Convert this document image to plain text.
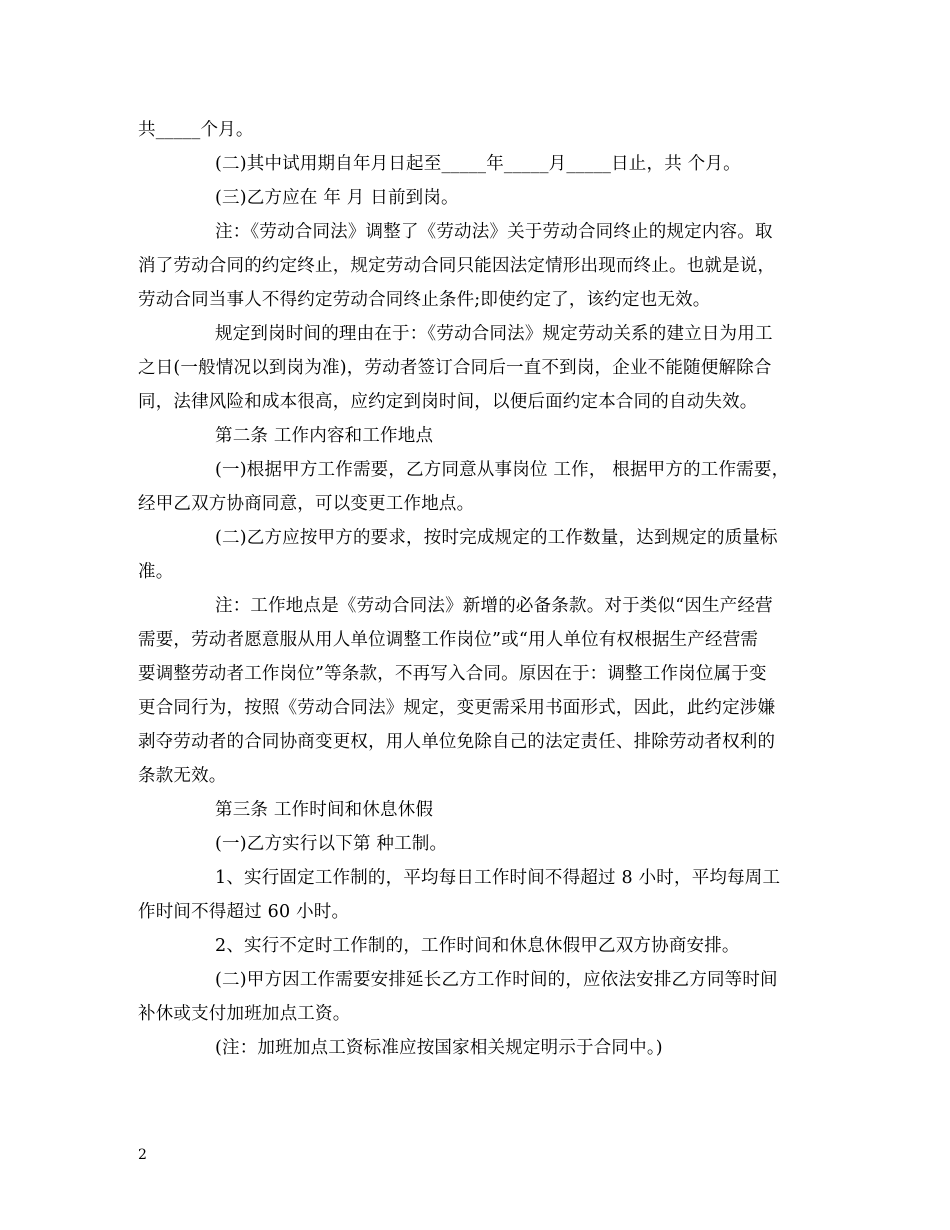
共_____个月。
(二)其中试用期自年月日起至_____年_____月_____日止，共 个月。
(三)乙方应在 年 月 日前到岗。
注：《劳动合同法》调整了《劳动法》关于劳动合同终止的规定内容。取
消了劳动合同的约定终止，规定劳动合同只能因法定情形出现而终止。也就是说，
劳动合同当事人不得约定劳动合同终止条件;即使约定了，该约定也无效。
规定到岗时间的理由在于：《劳动合同法》规定劳动关系的建立日为用工
之日(一般情况以到岗为准)，劳动者签订合同后一直不到岗，企业不能随便解除合
同，法律风险和成本很高，应约定到岗时间，以便后面约定本合同的自动失效。
第二条 工作内容和工作地点
(一)根据甲方工作需要，乙方同意从事岗位 工作， 根据甲方的工作需要，
经甲乙双方协商同意，可以变更工作地点。
(二)乙方应按甲方的要求，按时完成规定的工作数量，达到规定的质量标
准。
注：工作地点是《劳动合同法》新增的必备条款。对于类似“因生产经营
需要，劳动者愿意服从用人单位调整工作岗位”或“用人单位有权根据生产经营需
要调整劳动者工作岗位”等条款，不再写入合同。原因在于：调整工作岗位属于变
更合同行为，按照《劳动合同法》规定，变更需采用书面形式，因此，此约定涉嫌
剥夺劳动者的合同协商变更权，用人单位免除自己的法定责任、排除劳动者权利的
条款无效。
第三条 工作时间和休息休假
(一)乙方实行以下第 种工制。
1、实行固定工作制的，平均每日工作时间不得超过 8 小时，平均每周工
作时间不得超过 60 小时。
2、实行不定时工作制的，工作时间和休息休假甲乙双方协商安排。
(二)甲方因工作需要安排延长乙方工作时间的，应依法安排乙方同等时间
补休或支付加班加点工资。
(注：加班加点工资标准应按国家相关规定明示于合同中。)
2
